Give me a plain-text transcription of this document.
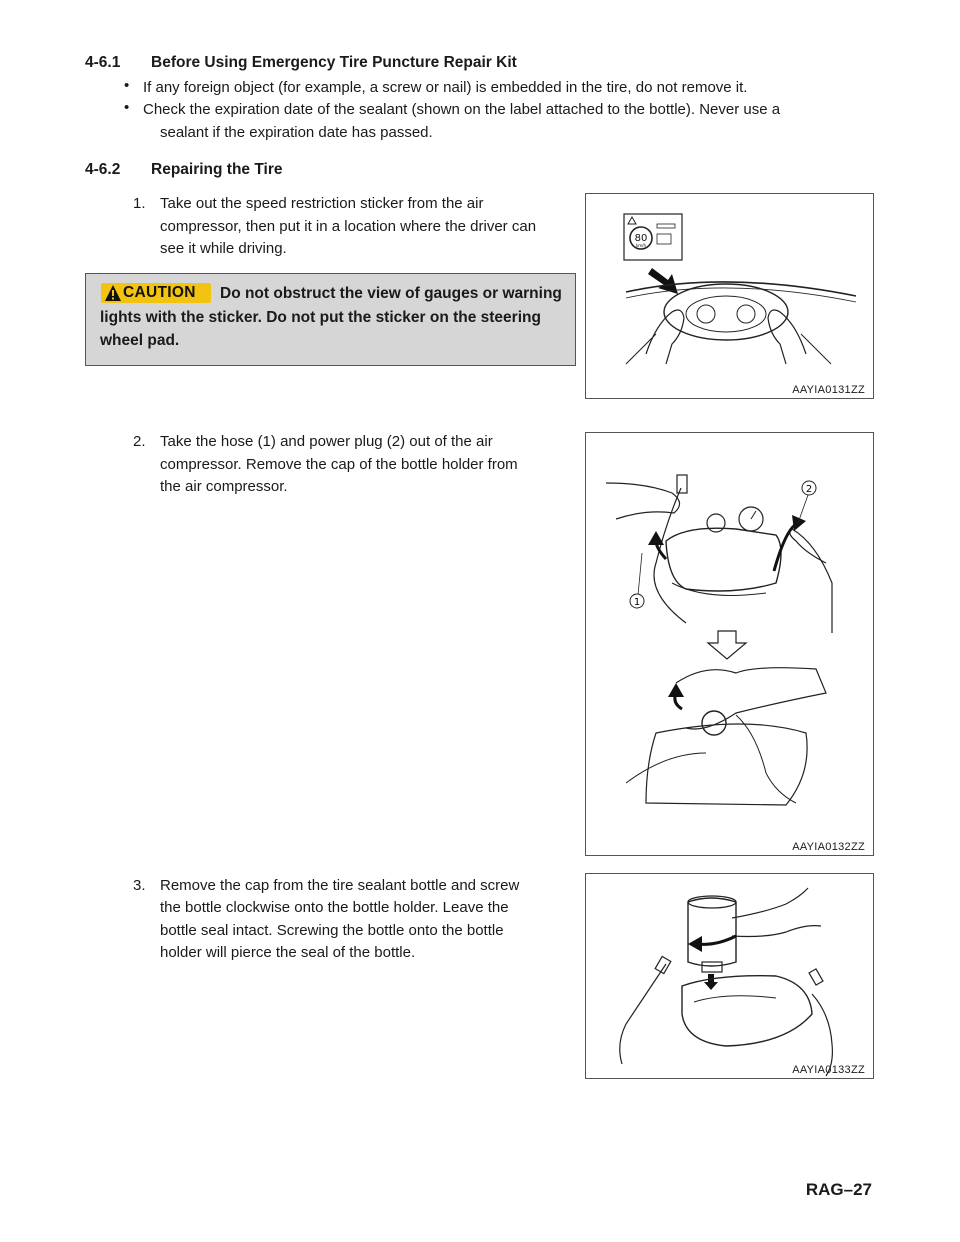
4-6.1 Before Using Emergency Tire Puncture Repair Kit
• If any foreign object (for example, a screw or nail) is embedded in the tire, do not remove it.
• Check the expiration date of the sealant (shown on the label attached to the bottle). Never use a
sealant if the expiration date has passed.
4-6.2 Repairing the Tire
1. Take out the speed restriction sticker from the air
compressor, then put it in a location where the driver can
see it while driving.
CAUTION	Do not obstruct the view of gauges or warning lights with the sticker. Do not put the sticker on the steering wheel pad.
80
km/h
AAYIA0131ZZ
2. Take the hose (1) and power plug (2) out of the air
compressor. Remove the cap of the bottle holder from
the air compressor.
1
2
AAYIA0132ZZ
3. Remove the cap from the tire sealant bottle and screw
the bottle clockwise onto the bottle holder. Leave the
bottle seal intact. Screwing the bottle onto the bottle
holder will pierce the seal of the bottle.
AAYIA0133ZZ
RAG–27
